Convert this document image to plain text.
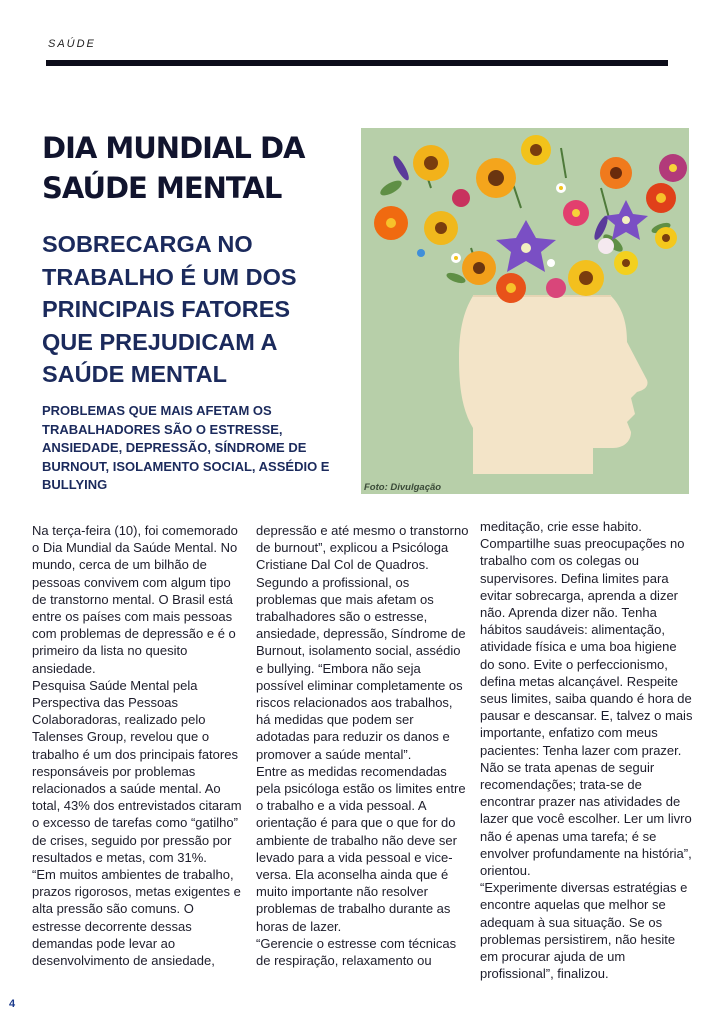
SAÚDE
DIA MUNDIAL DA SAÚDE MENTAL
SOBRECARGA NO TRABALHO É UM DOS PRINCIPAIS FATORES QUE PREJUDICAM A SAÚDE MENTAL

PROBLEMAS QUE MAIS AFETAM OS TRABALHADORES SÃO O ESTRESSE, ANSIEDADE, DEPRESSÃO, SÍNDROME DE BURNOUT, ISOLAMENTO SOCIAL, ASSÉDIO E BULLYING	Foto: Divulgação

Na terça-feira (10), foi comemorado o Dia Mundial da Saúde Mental. No mundo, cerca de um bilhão de pessoas convivem com algum tipo de transtorno mental. O Brasil está entre os países com mais pessoas com problemas de depressão e é o primeiro da lista no quesito ansiedade.

Pesquisa Saúde Mental pela Perspectiva das Pessoas Colaboradoras, realizado pelo Talenses Group, revelou que o trabalho é um dos principais fatores responsáveis por problemas relacionados a saúde mental. Ao total, 43% dos entrevistados citaram o excesso de tarefas como “gatilho” de crises, seguido por pressão por resultados e metas, com 31%.

“Em muitos ambientes de trabalho, prazos rigorosos, metas exigentes e alta pressão são comuns. O estresse decorrente dessas demandas pode levar ao desenvolvimento de ansiedade,

depressão e até mesmo o transtorno de burnout”, explicou a Psicóloga Cristiane Dal Col de Quadros.

Segundo a profissional, os problemas que mais afetam os trabalhadores são o estresse, ansiedade, depressão, Síndrome de Burnout, isolamento social, assédio e bullying. “Embora não seja possível eliminar completamente os riscos relacionados aos trabalhos, há medidas que podem ser adotadas para reduzir os danos e promover a saúde mental”.

Entre as medidas recomendadas pela psicóloga estão os limites entre o trabalho e a vida pessoal. A orientação é para que o que for do ambiente de trabalho não deve ser levado para a vida pessoal e vice-versa. Ela aconselha ainda que é muito importante não resolver problemas de trabalho durante as horas de lazer.

“Gerencie o estresse com técnicas de respiração, relaxamento ou

meditação, crie esse habito. Compartilhe suas preocupações no trabalho com os colegas ou supervisores. Defina limites para evitar sobrecarga, aprenda a dizer não. Aprenda dizer não. Tenha hábitos saudáveis: alimentação, atividade física e uma boa higiene do sono. Evite o perfeccionismo, defina metas alcançável. Respeite seus limites, saiba quando é hora de pausar e descansar. E, talvez o mais importante, enfatizo com meus pacientes: Tenha lazer com prazer. Não se trata apenas de seguir recomendações; trata-se de encontrar prazer nas atividades de lazer que você escolher. Ler um livro não é apenas uma tarefa; é se envolver profundamente na história”, orientou.

“Experimente diversas estratégias e encontre aquelas que melhor se adequam à sua situação. Se os problemas persistirem, não hesite em procurar ajuda de um profissional”, finalizou.

4
